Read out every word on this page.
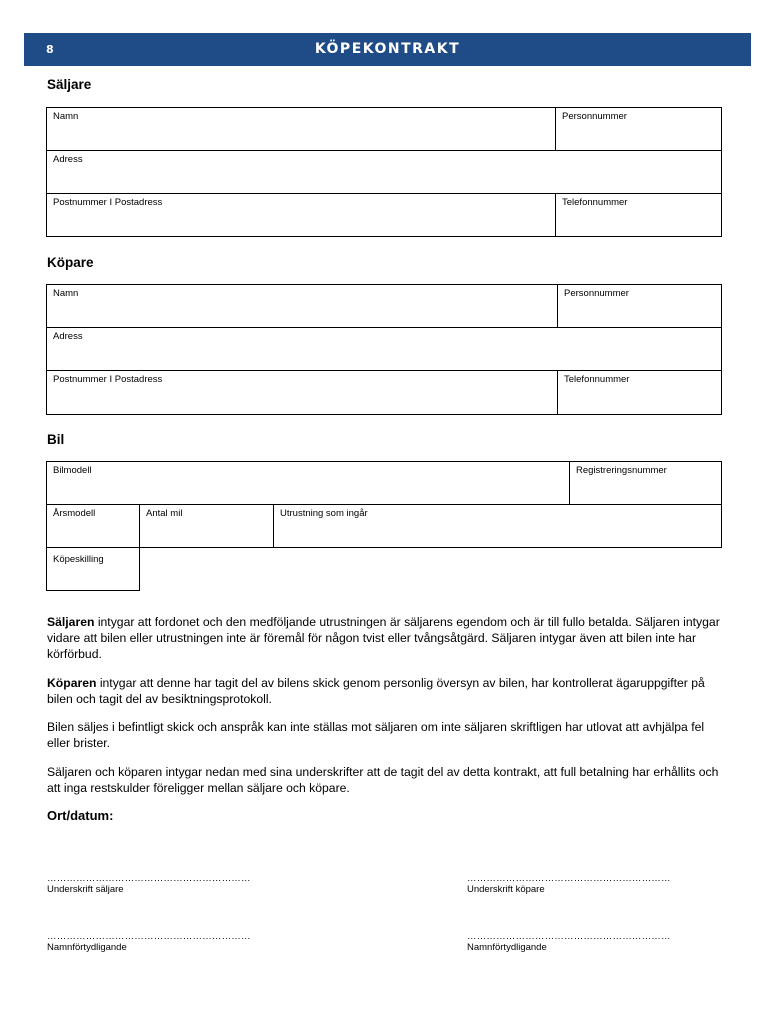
8	KÖPEKONTRAKT
Säljare
Namn	Personnummer
Adress
Postnummer I Postadress	Telefonnummer
Köpare
Namn	Personnummer
Adress
Postnummer I Postadress	Telefonnummer
Bil
Bilmodell	Registreringsnummer
Årsmodell	Antal mil	Utrustning som ingår
Köpeskilling

Säljaren intygar att fordonet och den medföljande utrustningen är säljarens egendom och är till fullo betalda. Säljaren intygar vidare att bilen eller utrustningen inte är föremål för någon tvist eller tvångsåtgärd. Säljaren intygar även att bilen inte har körförbud.

Köparen intygar att denne har tagit del av bilens skick genom personlig översyn av bilen, har kontrollerat ägaruppgifter på bilen och tagit del av besiktningsprotokoll.

Bilen säljes i befintligt skick och anspråk kan inte ställas mot säljaren om inte säljaren skriftligen har utlovat att avhjälpa fel eller brister.

Säljaren och köparen intygar nedan med sina underskrifter att de tagit del av detta kontrakt, att full betalning har erhållits och att inga restskulder föreligger mellan säljare och köpare.

Ort/datum:
………………………………………………………
Underskrift säljare
………………………………………………………
Underskrift köpare
………………………………………………………
Namnförtydligande
………………………………………………………
Namnförtydligande
